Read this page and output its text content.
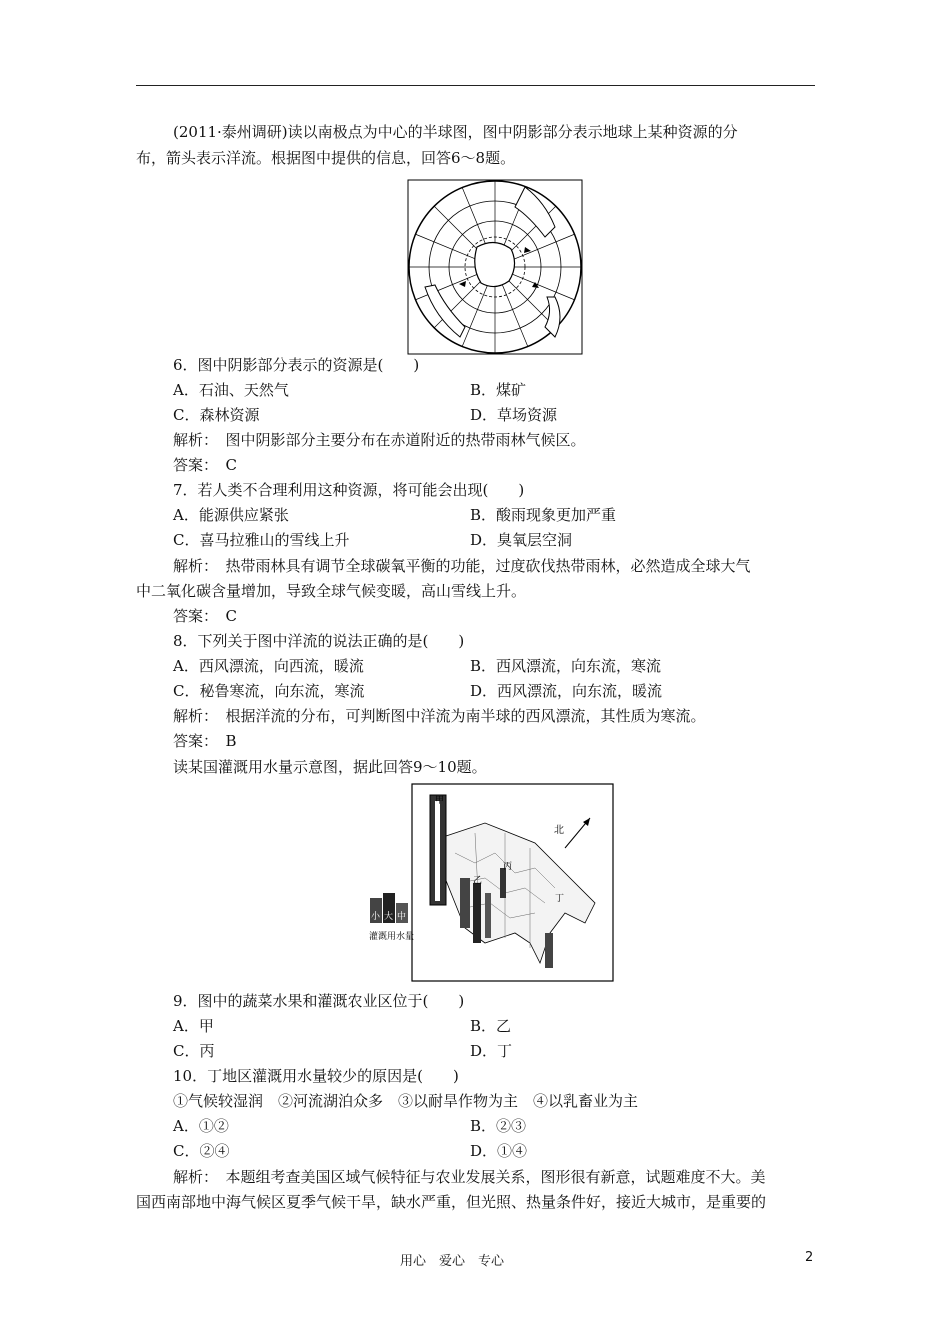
(2011·泰州调研)读以南极点为中心的半球图，图中阴影部分表示地球上某种资源的分
布，箭头表示洋流。根据图中提供的信息，回答6～8题。
6．图中阴影部分表示的资源是(　　)
A．石油、天然气	B．煤矿
C．森林资源	D．草场资源
解析：　图中阴影部分主要分布在赤道附近的热带雨林气候区。
答案：　C
7．若人类不合理利用这种资源，将可能会出现(　　)
A．能源供应紧张	B．酸雨现象更加严重
C．喜马拉雅山的雪线上升	D．臭氧层空洞
解析：　热带雨林具有调节全球碳氧平衡的功能，过度砍伐热带雨林，必然造成全球大气
中二氧化碳含量增加，导致全球气候变暖，高山雪线上升。
答案：　C
8．下列关于图中洋流的说法正确的是(　　)
A．西风漂流，向西流，暖流	B．西风漂流，向东流，寒流
C．秘鲁寒流，向东流，寒流	D．西风漂流，向东流，暖流
解析：　根据洋流的分布，可判断图中洋流为南半球的西风漂流，其性质为寒流。
答案：　B
读某国灌溉用水量示意图，据此回答9～10题。
北
甲
乙
丙
丁
小 大 中
灌溉用水量
9．图中的蔬菜水果和灌溉农业区位于(　　)
A．甲	B．乙
C．丙	D．丁
10．丁地区灌溉用水量较少的原因是(　　)
①气候较湿润　②河流湖泊众多　③以耐旱作物为主　④以乳畜业为主
A．①②	B．②③
C．②④	D．①④
解析：　本题组考查美国区域气候特征与农业发展关系，图形很有新意，试题难度不大。美
国西南部地中海气候区夏季气候干旱，缺水严重，但光照、热量条件好，接近大城市，是重要的
用心　爱心　专心	2
